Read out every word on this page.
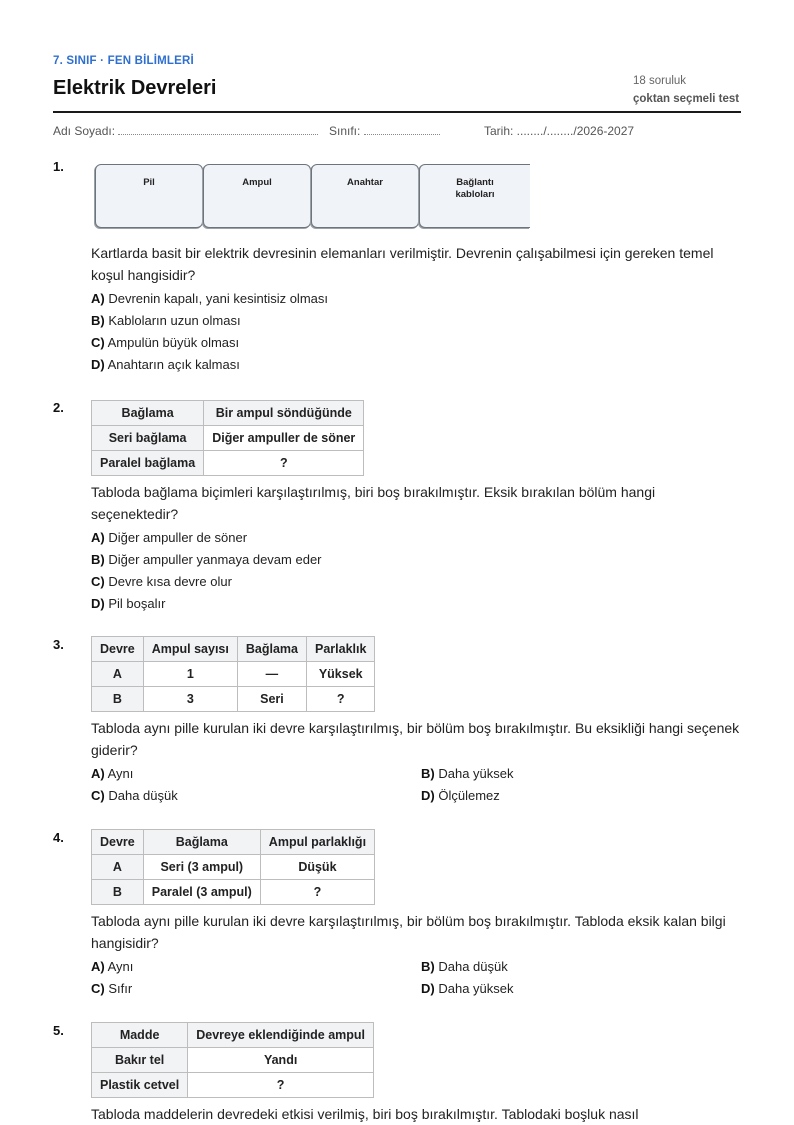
7. SINIF · FEN BİLİMLERİ
Elektrik Devreleri	18 soruluk
çoktan seçmeli test
Adı Soyadı:	Sınıfı:	Tarih: ......../......../2026-2027
1.
Pil	Ampul	Anahtar	Bağlantı kabloları
Kartlarda basit bir elektrik devresinin elemanları verilmiştir. Devrenin çalışabilmesi için gereken temel koşul hangisidir?
A) Devrenin kapalı, yani kesintisiz olması
B) Kabloların uzun olması
C) Ampulün büyük olması
D) Anahtarın açık kalması
2.	Bağlama	Bir ampul söndüğünde
Seri bağlama	Diğer ampuller de söner
Paralel bağlama	?
Tabloda bağlama biçimleri karşılaştırılmış, biri boş bırakılmıştır. Eksik bırakılan bölüm hangi seçenektedir?
A) Diğer ampuller de söner
B) Diğer ampuller yanmaya devam eder
C) Devre kısa devre olur
D) Pil boşalır
3.	Devre	Ampul sayısı	Bağlama	Parlaklık
A	1	—	Yüksek
B	3	Seri	?
Tabloda aynı pille kurulan iki devre karşılaştırılmış, bir bölüm boş bırakılmıştır. Bu eksikliği hangi seçenek giderir?
A) Aynı	B) Daha yüksek
C) Daha düşük	D) Ölçülemez
4.	Devre	Bağlama	Ampul parlaklığı
A	Seri (3 ampul)	Düşük
B	Paralel (3 ampul)	?
Tabloda aynı pille kurulan iki devre karşılaştırılmış, bir bölüm boş bırakılmıştır. Tabloda eksik kalan bilgi hangisidir?
A) Aynı	B) Daha düşük
C) Sıfır	D) Daha yüksek
5.	Madde	Devreye eklendiğinde ampul
Bakır tel	Yandı
Plastik cetvel	?
Tabloda maddelerin devredeki etkisi verilmiş, biri boş bırakılmıştır. Tablodaki boşluk nasıl
